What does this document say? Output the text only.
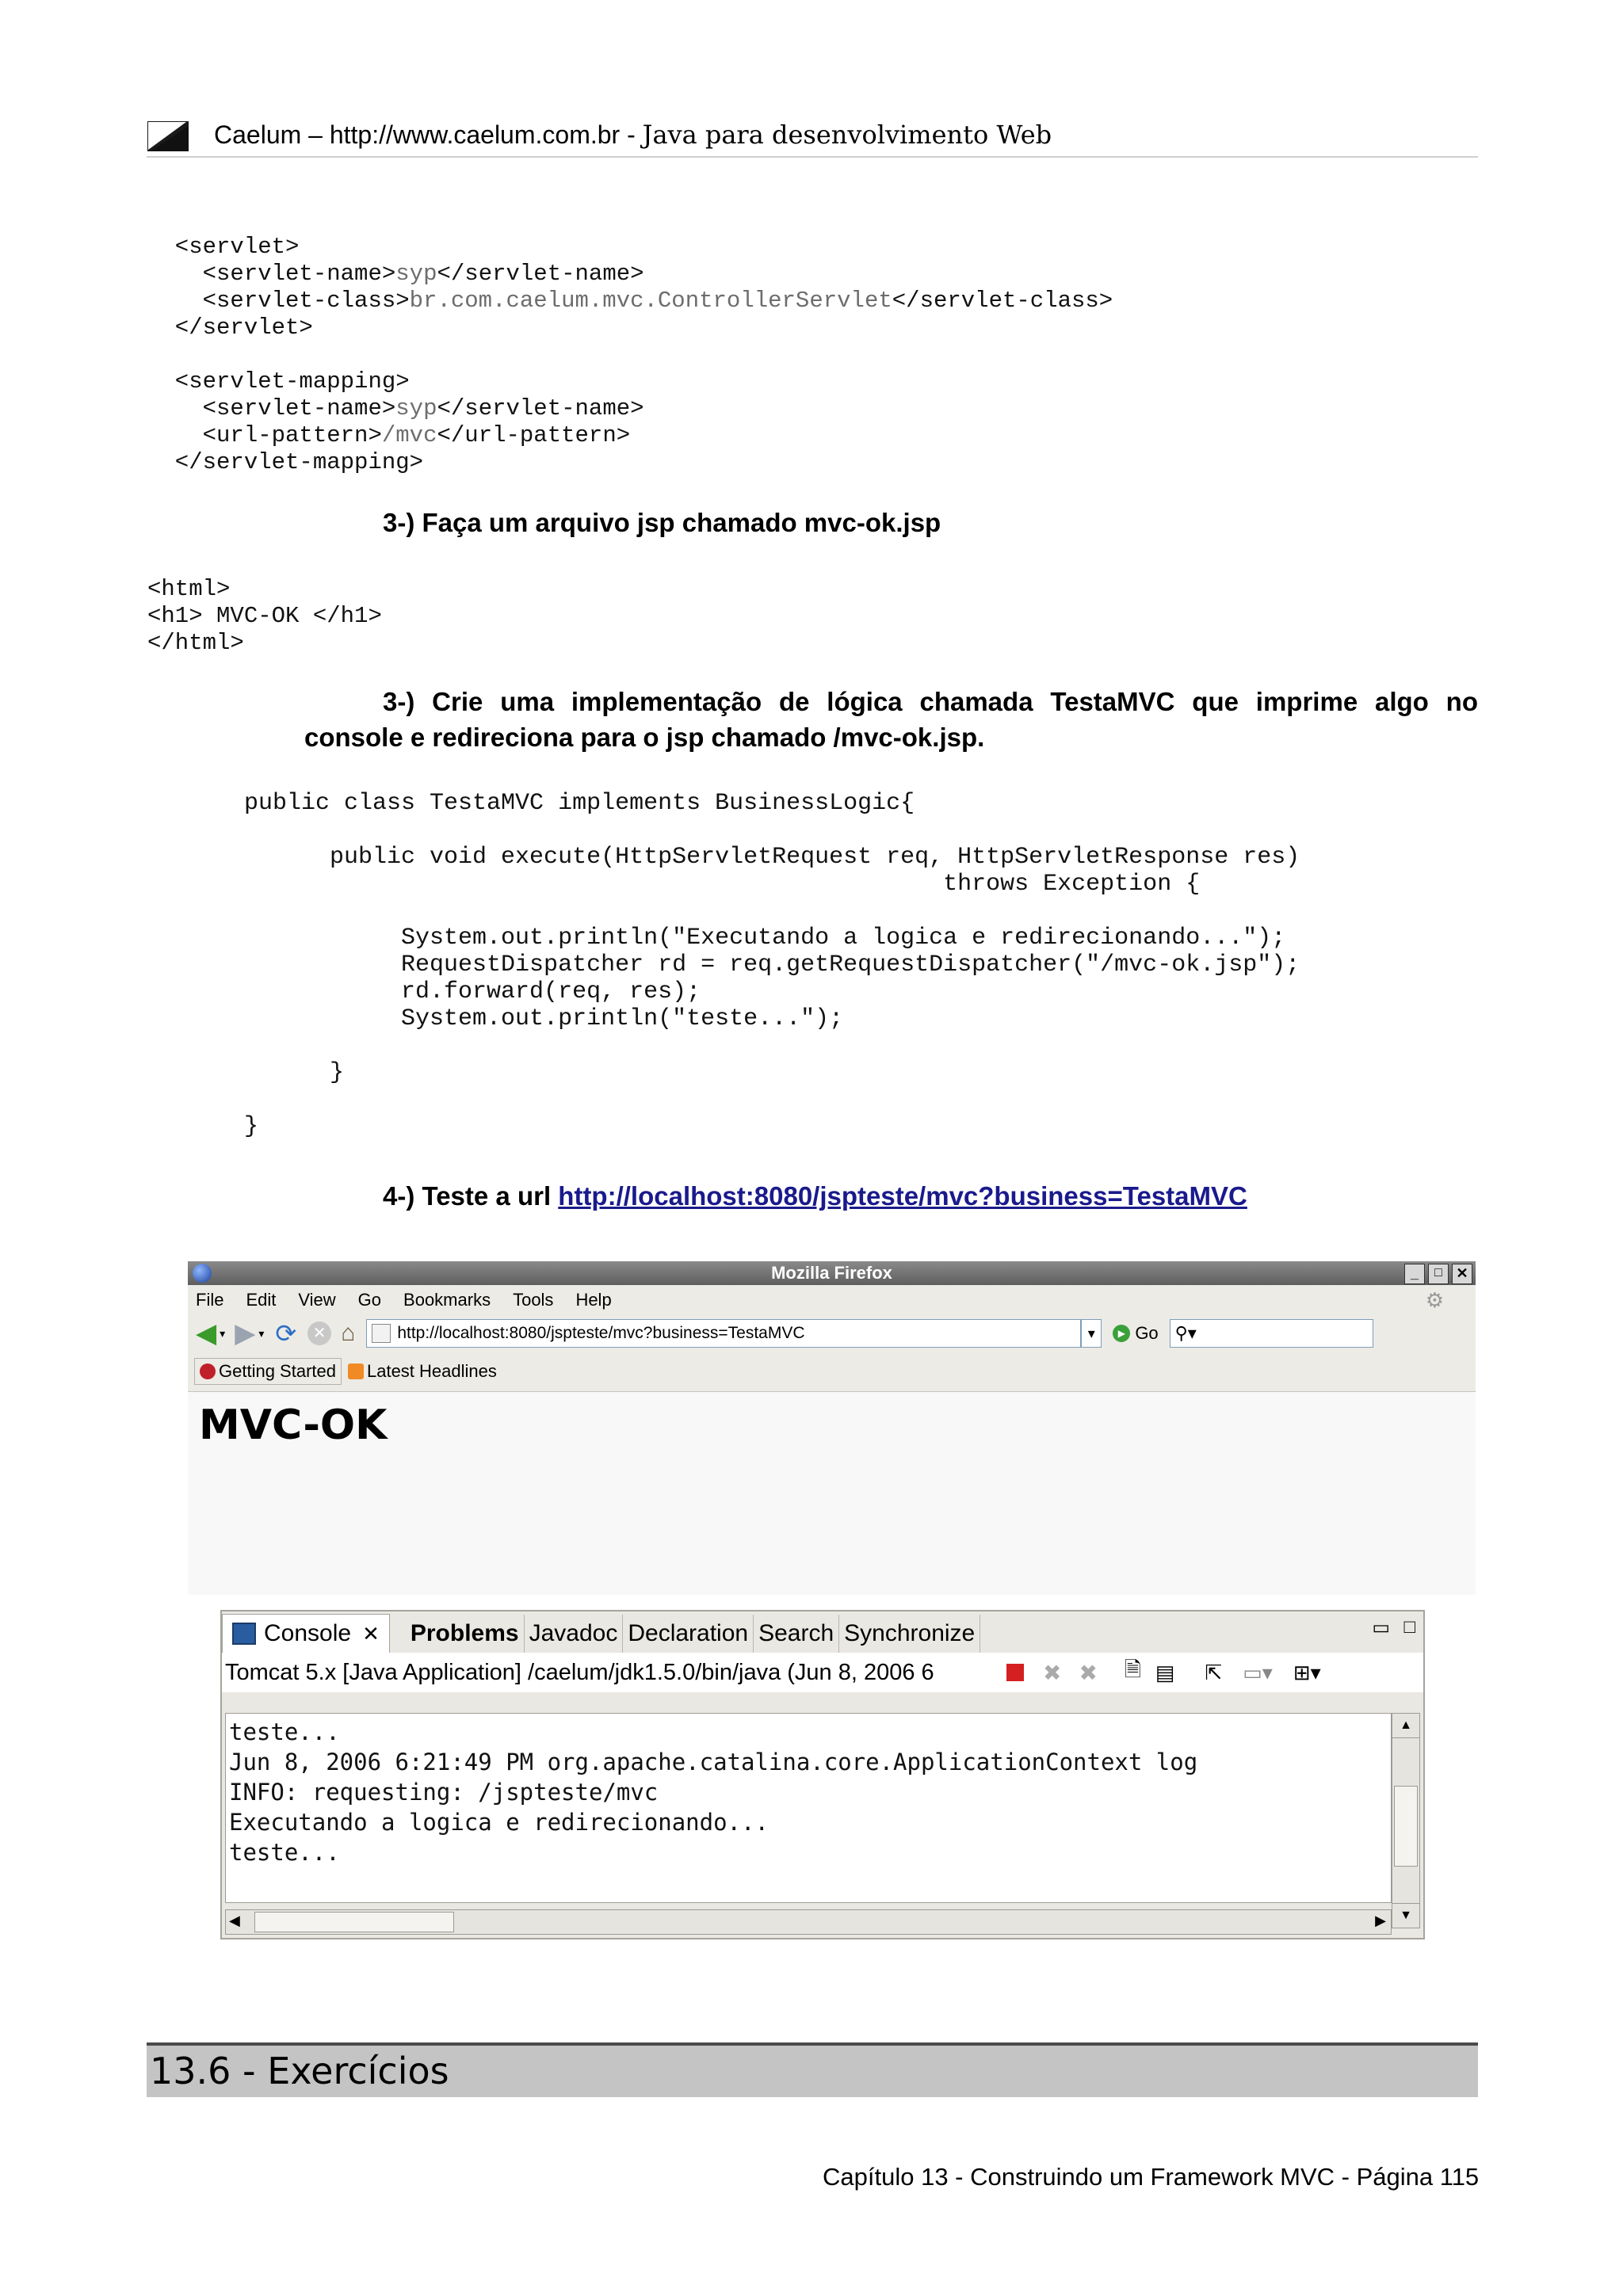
Caelum – http://www.caelum.com.br - Java para desenvolvimento Web
<servlet>
<servlet-name>syp</servlet-name>
<servlet-class>br.com.caelum.mvc.ControllerServlet</servlet-class>
</servlet>

<servlet-mapping>
<servlet-name>syp</servlet-name>
<url-pattern>/mvc</url-pattern>
</servlet-mapping>
3-) Faça um arquivo jsp chamado mvc-ok.jsp
<html>
<h1> MVC-OK </h1>
</html>
3-) Crie uma implementação de lógica chamada TestaMVC que imprime algo no
console e redireciona para o jsp chamado /mvc-ok.jsp.
public class TestaMVC implements BusinessLogic{

public void execute(HttpServletRequest req, HttpServletResponse res)
throws Exception {

System.out.println("Executando a logica e redirecionando...");
RequestDispatcher rd = req.getRequestDispatcher("/mvc-ok.jsp");
rd.forward(req, res);
System.out.println("teste...");

}

}
4-) Teste a url http://localhost:8080/jspteste/mvc?business=TestaMVC
Mozilla Firefox	_	□ ✕
File Edit View Go Bookmarks Tools Help	⚙
◀ ▾ ▶ ▾ ⟳	✕ ⌂	http://localhost:8080/jspteste/mvc?business=TestaMVC	▾	▶ Go ⚲▾
Getting Started Latest Headlines
MVC-OK
Console ✕ Problems Javadoc Declaration Search Synchronize	▭ □
Tomcat 5.x [Java Application] /caelum/jdk1.5.0/bin/java (Jun 8, 2006 6	✖ ✖ 🗎 ▤ ⇱ ▭▾ ⊞▾
teste...
Jun 8, 2006 6:21:49 PM org.apache.catalina.core.ApplicationContext log
INFO: requesting: /jspteste/mvc
Executando a logica e redirecionando...
teste...
▲
▼
◀	▶
13.6 - Exercícios
Capítulo 13 - Construindo um Framework MVC - Página 115
